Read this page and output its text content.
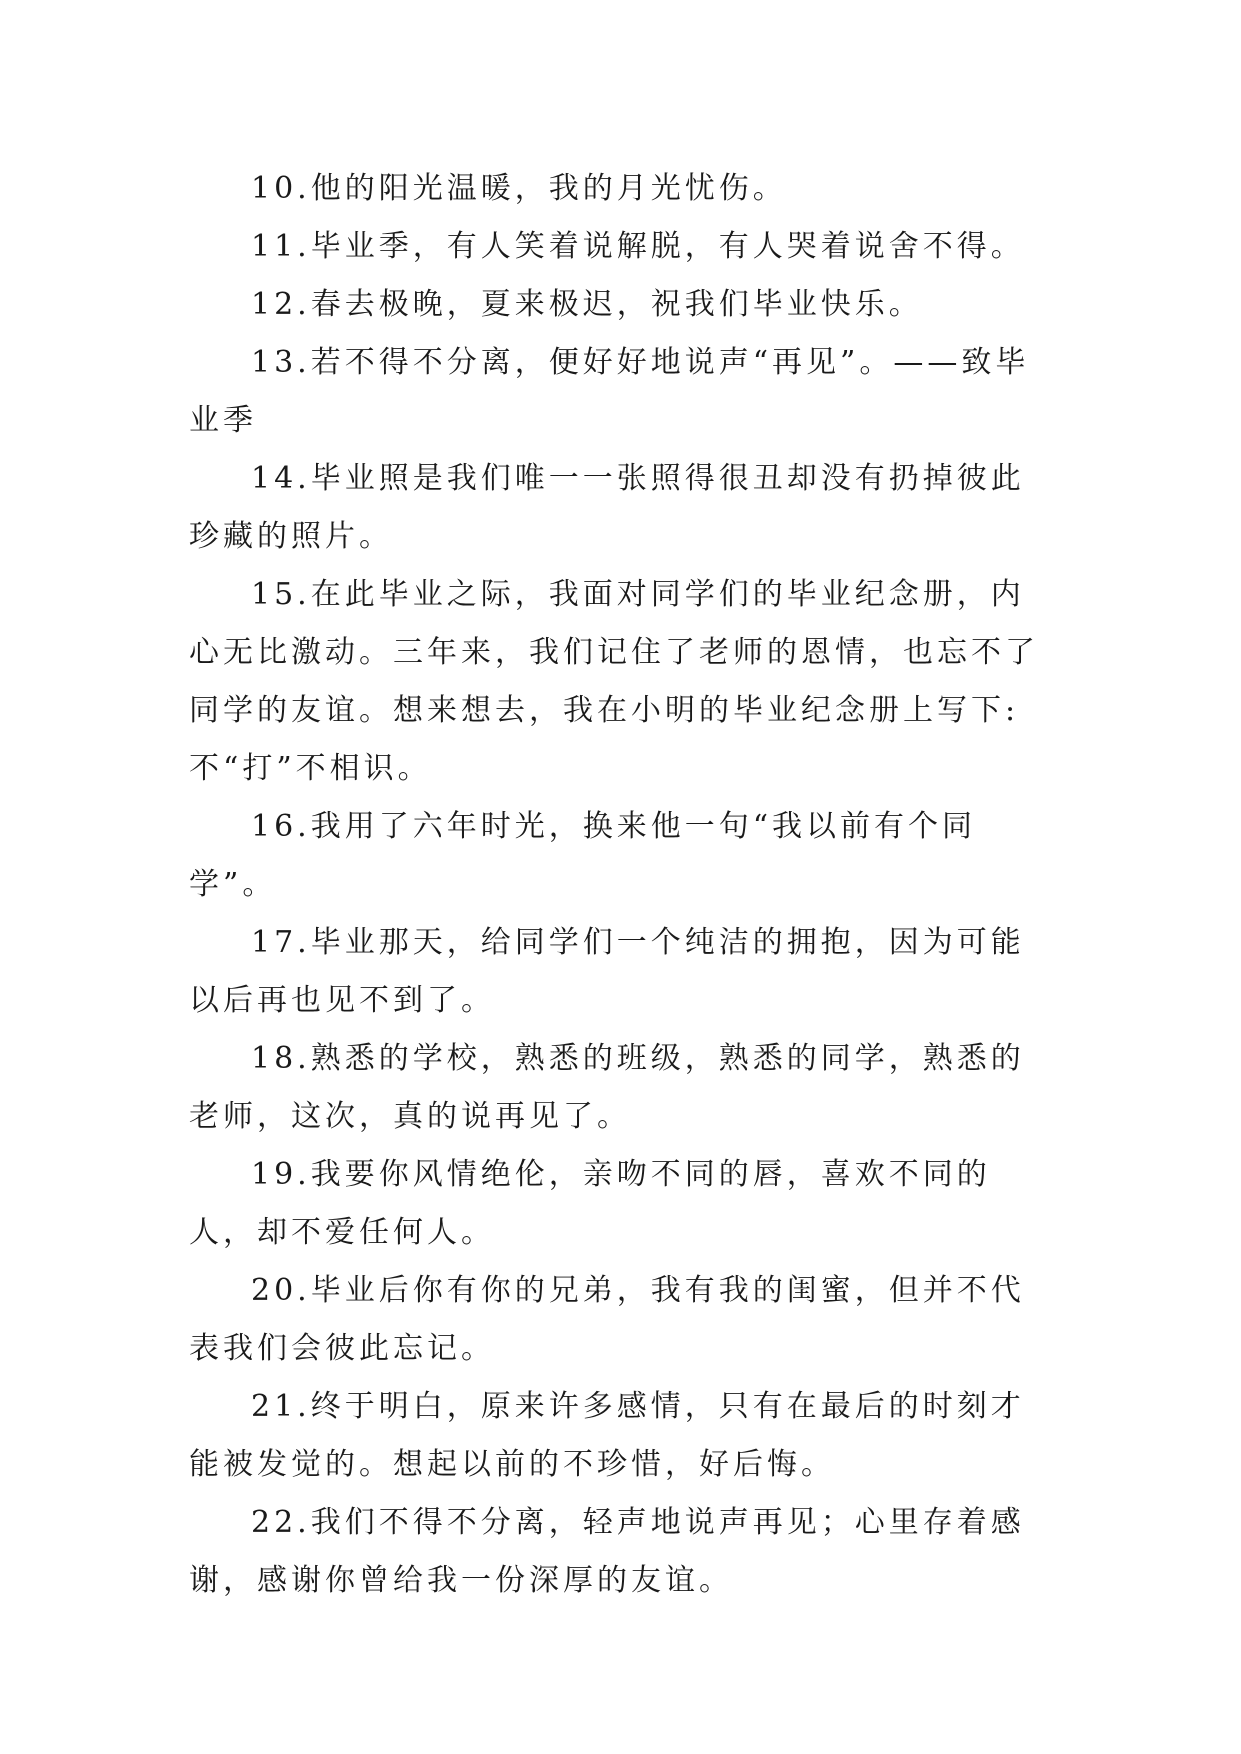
10.他的阳光温暖，我的月光忧伤。

11.毕业季，有人笑着说解脱，有人哭着说舍不得。

12.春去极晚，夏来极迟，祝我们毕业快乐。

13.若不得不分离，便好好地说声“再见”。——致毕业季

14.毕业照是我们唯一一张照得很丑却没有扔掉彼此珍藏的照片。

15.在此毕业之际，我面对同学们的毕业纪念册，内心无比激动。三年来，我们记住了老师的恩情，也忘不了同学的友谊。想来想去，我在小明的毕业纪念册上写下: 不“打”不相识。

16.我用了六年时光，换来他一句“我以前有个同学”。

17.毕业那天，给同学们一个纯洁的拥抱，因为可能以后再也见不到了。

18.熟悉的学校，熟悉的班级，熟悉的同学，熟悉的老师，这次，真的说再见了。

19.我要你风情绝伦，亲吻不同的唇，喜欢不同的人，却不爱任何人。

20.毕业后你有你的兄弟，我有我的闺蜜，但并不代表我们会彼此忘记。

21.终于明白，原来许多感情，只有在最后的时刻才能被发觉的。想起以前的不珍惜，好后悔。

22.我们不得不分离，轻声地说声再见；心里存着感谢，感谢你曾给我一份深厚的友谊。
